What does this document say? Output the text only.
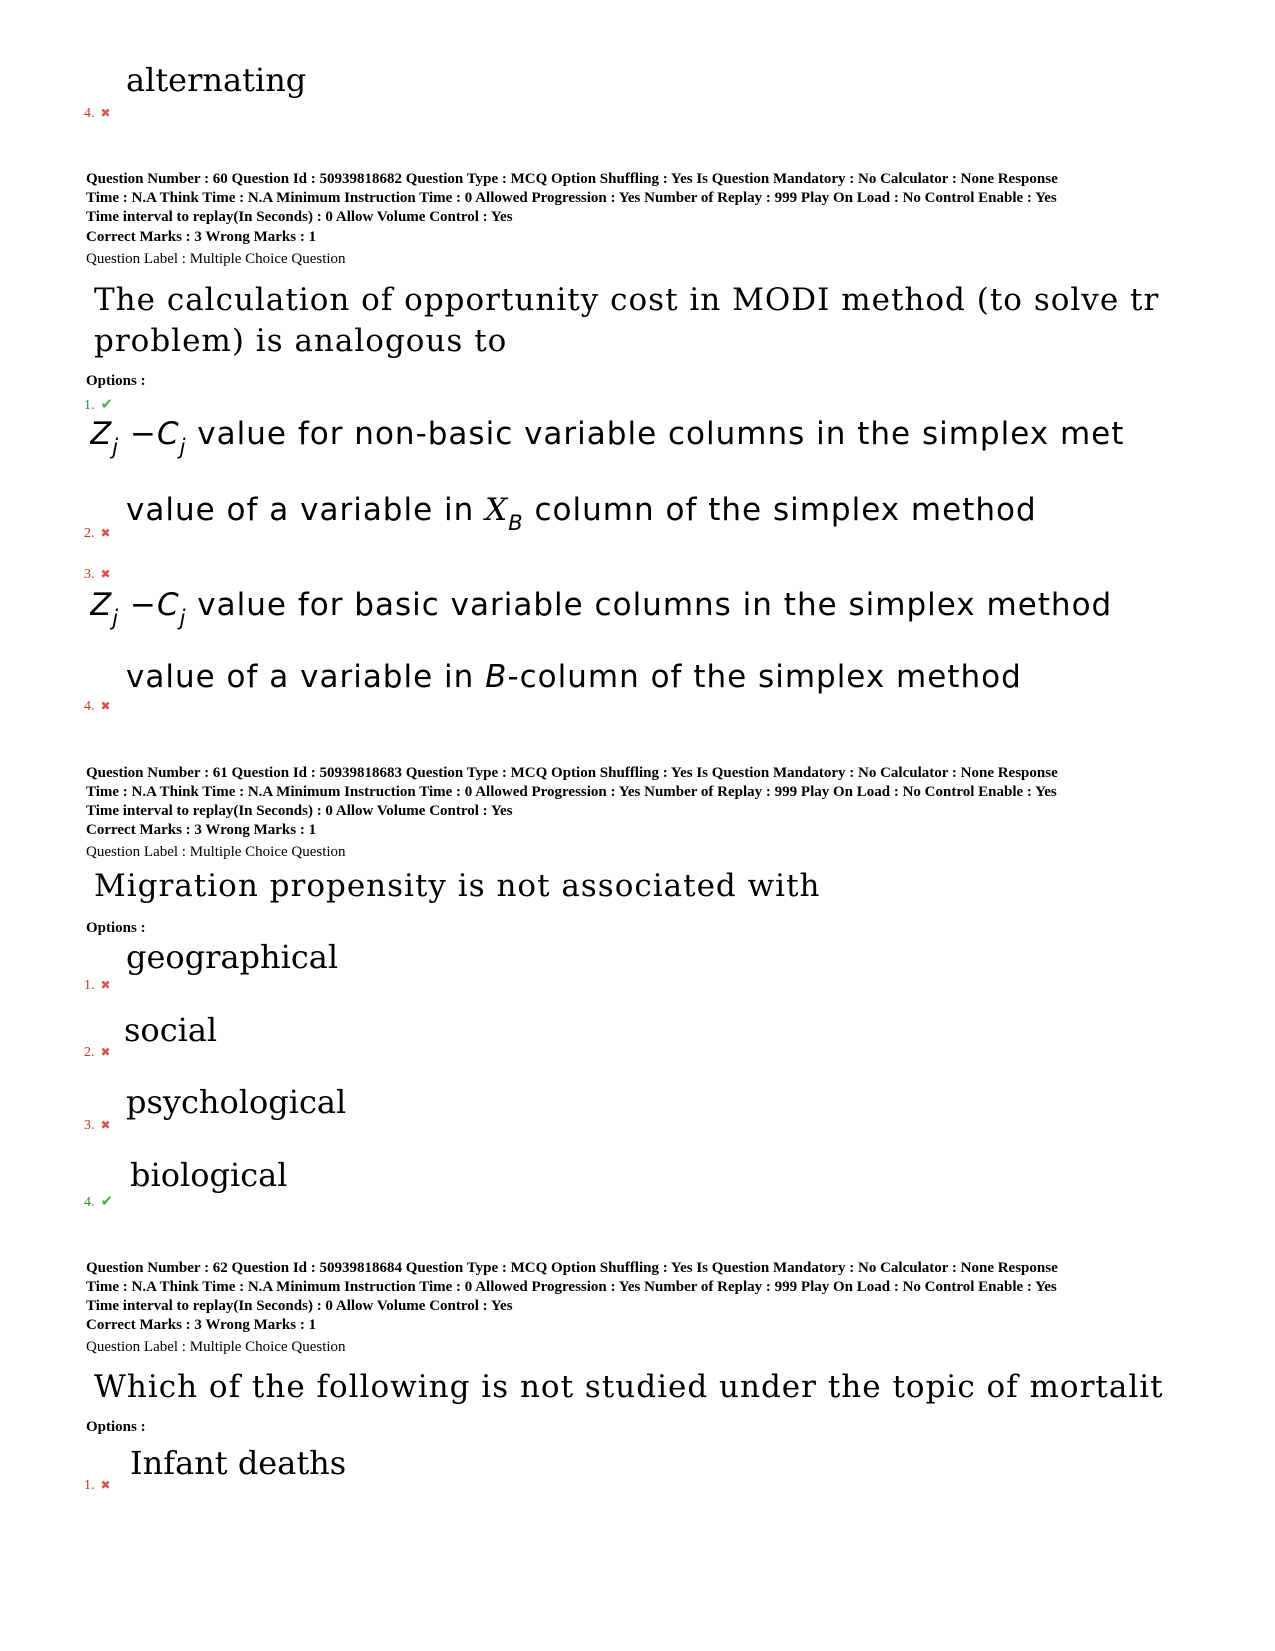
alternating

4. ✖

Question Number : 60 Question Id : 50939818682 Question Type : MCQ Option Shuffling : Yes Is Question Mandatory : No Calculator : None Response
Time : N.A Think Time : N.A Minimum Instruction Time : 0 Allowed Progression : Yes Number of Replay : 999 Play On Load : No Control Enable : Yes
Time interval to replay(In Seconds) : 0 Allow Volume Control : Yes

Correct Marks : 3 Wrong Marks : 1

Question Label : Multiple Choice Question

The calculation of opportunity cost in MODI method (to solve tr

problem) is analogous to

Options :

1. ✔

$Z_j -C_j$ value for non-basic variable columns in the simplex met

value of a variable in $X_B$ column of the simplex method

2. ✖
3. ✖

$Z_j -C_j$ value for basic variable columns in the simplex method

value of a variable in B-column of the simplex method

4. ✖

Question Number : 61 Question Id : 50939818683 Question Type : MCQ Option Shuffling : Yes Is Question Mandatory : No Calculator : None Response
Time : N.A Think Time : N.A Minimum Instruction Time : 0 Allowed Progression : Yes Number of Replay : 999 Play On Load : No Control Enable : Yes
Time interval to replay(In Seconds) : 0 Allow Volume Control : Yes

Correct Marks : 3 Wrong Marks : 1

Question Label : Multiple Choice Question

Migration propensity is not associated with

Options :

geographical

1. ✖

social

2. ✖

psychological

3. ✖

biological

4. ✔

Question Number : 62 Question Id : 50939818684 Question Type : MCQ Option Shuffling : Yes Is Question Mandatory : No Calculator : None Response
Time : N.A Think Time : N.A Minimum Instruction Time : 0 Allowed Progression : Yes Number of Replay : 999 Play On Load : No Control Enable : Yes
Time interval to replay(In Seconds) : 0 Allow Volume Control : Yes

Correct Marks : 3 Wrong Marks : 1

Question Label : Multiple Choice Question

Which of the following is not studied under the topic of mortalit

Options :

Infant deaths

1. ✖
